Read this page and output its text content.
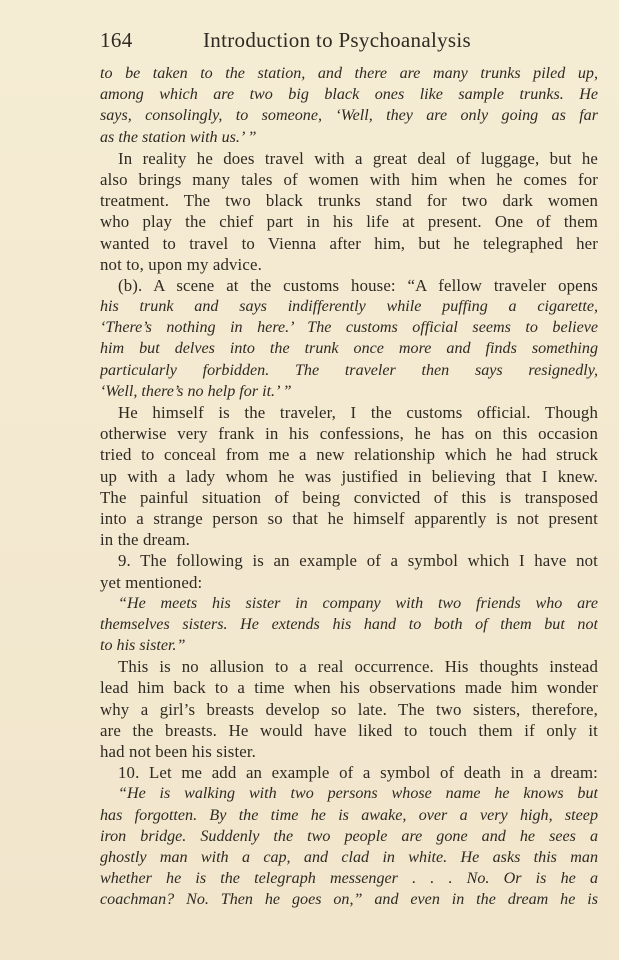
164	Introduction to Psychoanalysis
to be taken to the station, and there are many trunks piled up,
among which are two big black ones like sample trunks. He
says, consolingly, to someone, ‘Well, they are only going as far
as the station with us.’ ”
In reality he does travel with a great deal of luggage, but he
also brings many tales of women with him when he comes for
treatment. The two black trunks stand for two dark women
who play the chief part in his life at present. One of them
wanted to travel to Vienna after him, but he telegraphed her
not to, upon my advice.
(b). A scene at the customs house: “A fellow traveler opens
his trunk and says indifferently while puffing a cigarette,
‘There’s nothing in here.’ The customs official seems to believe
him but delves into the trunk once more and finds something
particularly forbidden. The traveler then says resignedly,
‘Well, there’s no help for it.’ ”
He himself is the traveler, I the customs official. Though
otherwise very frank in his confessions, he has on this occasion
tried to conceal from me a new relationship which he had struck
up with a lady whom he was justified in believing that I knew.
The painful situation of being convicted of this is transposed
into a strange person so that he himself apparently is not present
in the dream.
9. The following is an example of a symbol which I have not
yet mentioned:
“He meets his sister in company with two friends who are
themselves sisters. He extends his hand to both of them but not
to his sister.”
This is no allusion to a real occurrence. His thoughts instead
lead him back to a time when his observations made him wonder
why a girl’s breasts develop so late. The two sisters, therefore,
are the breasts. He would have liked to touch them if only it
had not been his sister.
10. Let me add an example of a symbol of death in a dream:
“He is walking with two persons whose name he knows but
has forgotten. By the time he is awake, over a very high, steep
iron bridge. Suddenly the two people are gone and he sees a
ghostly man with a cap, and clad in white. He asks this man
whether he is the telegraph messenger . . . No. Or is he a
coachman? No. Then he goes on,” and even in the dream he is
